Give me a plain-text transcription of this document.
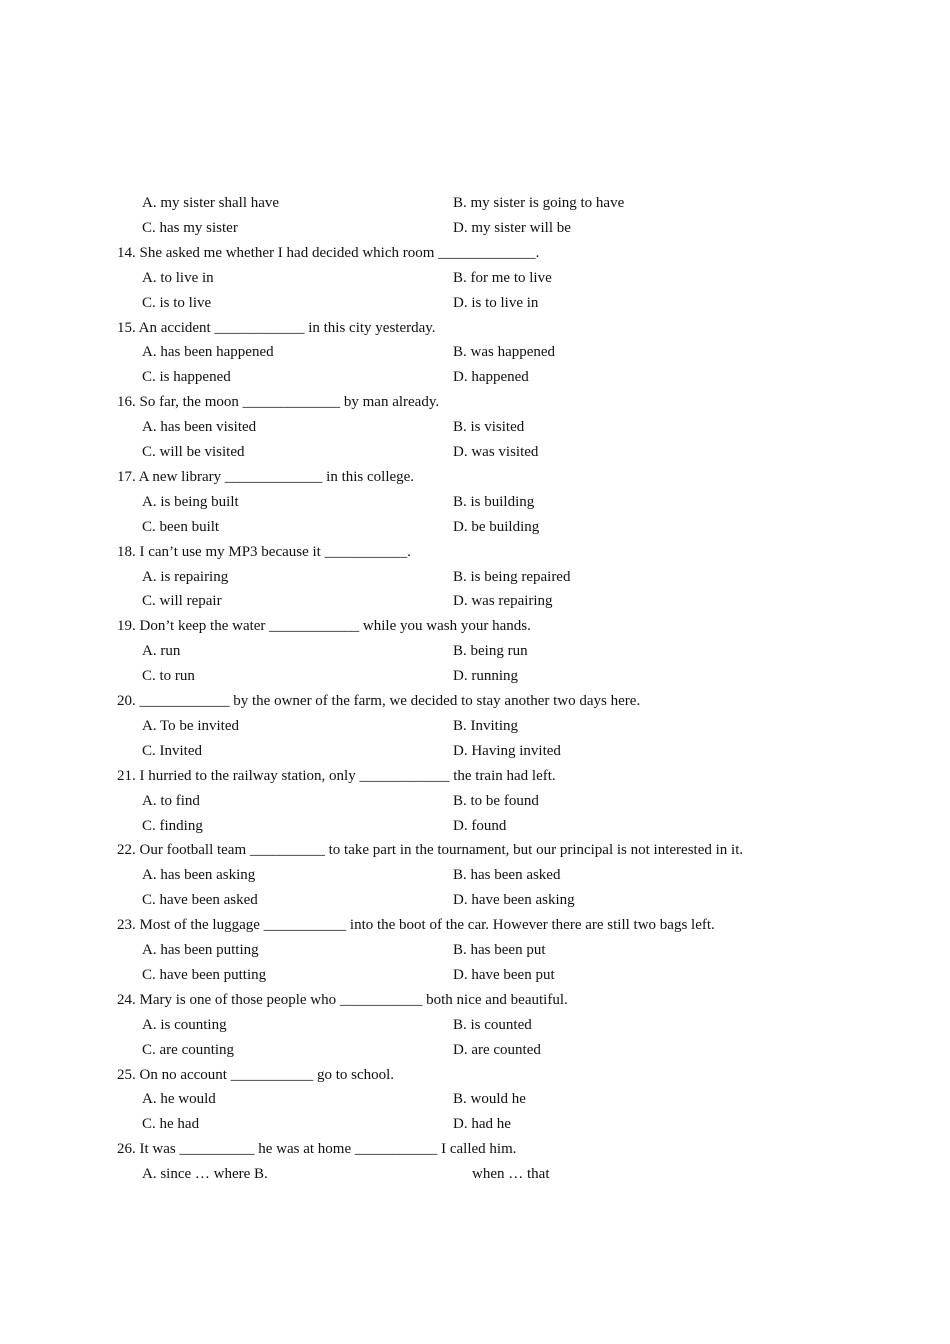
A. my sister shall have	B. my sister is going to have
C. has my sister	D. my sister will be
14. She asked me whether I had decided which room _____________.
A. to live in	B. for me to live
C. is to live	D. is to live in
15. An accident ____________ in this city yesterday.
A. has been happened	B. was happened
C. is happened	D. happened
16. So far, the moon _____________ by man already.
A. has been visited	B. is visited
C. will be visited	D. was visited
17. A new library _____________ in this college.
A. is being built	B. is building
C. been built	D. be building
18. I can’t use my MP3 because it ___________.
A. is repairing	B. is being repaired
C. will repair	D. was repairing
19. Don’t keep the water ____________ while you wash your hands.
A. run	B. being run
C. to run	D. running
20. ____________ by the owner of the farm, we decided to stay another two days here.
A. To be invited	B. Inviting
C. Invited	D. Having invited
21. I hurried to the railway station, only ____________ the train had left.
A. to find	B. to be found
C. finding	D. found
22. Our football team __________ to take part in the tournament, but our principal is not interested in it.
A. has been asking	B. has been asked
C. have been asked	D. have been asking
23. Most of the luggage ___________ into the boot of the car. However there are still two bags left.
A. has been putting	B. has been put
C. have been putting	D. have been put
24. Mary is one of those people who ___________ both nice and beautiful.
A. is counting	B. is counted
C. are counting	D. are counted
25. On no account ___________ go to school.
A. he would	B. would he
C. he had	D. had he
26. It was __________ he was at home ___________ I called him.
A. since … where B.	when … that
